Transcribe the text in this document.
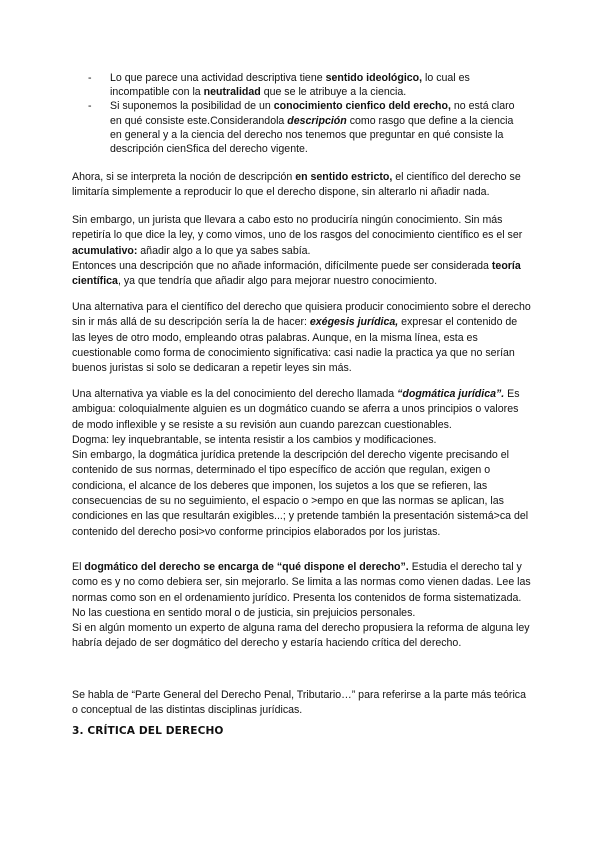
-	Lo que parece una actividad descriptiva tiene sentido ideológico, lo cual es incompatible con la neutralidad que se le atribuye a la ciencia.
-	Si suponemos la posibilidad de un conocimiento cienfico deld erecho, no está claro en qué consiste este.Considerandola descripción como rasgo que define a la ciencia en general y a la ciencia del derecho nos tenemos que preguntar en qué consiste la descripción cienSfica del derecho vigente.

Ahora, si se interpreta la noción de descripción en sentido estricto, el científico del derecho se limitaría simplemente a reproducir lo que el derecho dispone, sin alterarlo ni añadir nada.

Sin embargo, un jurista que llevara a cabo esto no produciría ningún conocimiento. Sin más repetiría lo que dice la ley, y como vimos, uno de los rasgos del conocimiento científico es el ser acumulativo: añadir algo a lo que ya sabes sabía.
Entonces una descripción que no añade información, difícilmente puede ser considerada teoría científica, ya que tendría que añadir algo para mejorar nuestro conocimiento.

Una alternativa para el científico del derecho que quisiera producir conocimiento sobre el derecho sin ir más allá de su descripción sería la de hacer: exégesis jurídica, expresar el contenido de las leyes de otro modo, empleando otras palabras. Aunque, en la misma línea, esta es cuestionable como forma de conocimiento significativa: casi nadie la practica ya que no serían buenos juristas si solo se dedicaran a repetir leyes sin más.

Una alternativa ya viable es la del conocimiento del derecho llamada “dogmática jurídica”. Es ambigua: coloquialmente alguien es un dogmático cuando se aferra a unos principios o valores de modo inflexible y se resiste a su revisión aun cuando parezcan cuestionables.
Dogma: ley inquebrantable, se intenta resistir a los cambios y modificaciones.
Sin embargo, la dogmática jurídica pretende la descripción del derecho vigente precisando el contenido de sus normas, determinado el tipo específico de acción que regulan, exigen o condiciona, el alcance de los deberes que imponen, los sujetos a los que se refieren, las consecuencias de su no seguimiento, el espacio o >empo en que las normas se aplican, las condiciones en las que resultarán exigibles...; y pretende también la presentación sistemá>ca del contenido del derecho posi>vo conforme principios elaborados por los juristas.

El dogmático del derecho se encarga de “qué dispone el derecho”. Estudia el derecho tal y como es y no como debiera ser, sin mejorarlo. Se limita a las normas como vienen dadas. Lee las normas como son en el ordenamiento jurídico. Presenta los contenidos de forma sistematizada. No las cuestiona en sentido moral o de justicia, sin prejuicios personales.
Si en algún momento un experto de alguna rama del derecho propusiera la reforma de alguna ley habría dejado de ser dogmático del derecho y estaría haciendo crítica del derecho.

Se habla de “Parte General del Derecho Penal, Tributario…” para referirse a la parte más teórica o conceptual de las distintas disciplinas jurídicas.

3. CRÍTICA DEL DERECHO
